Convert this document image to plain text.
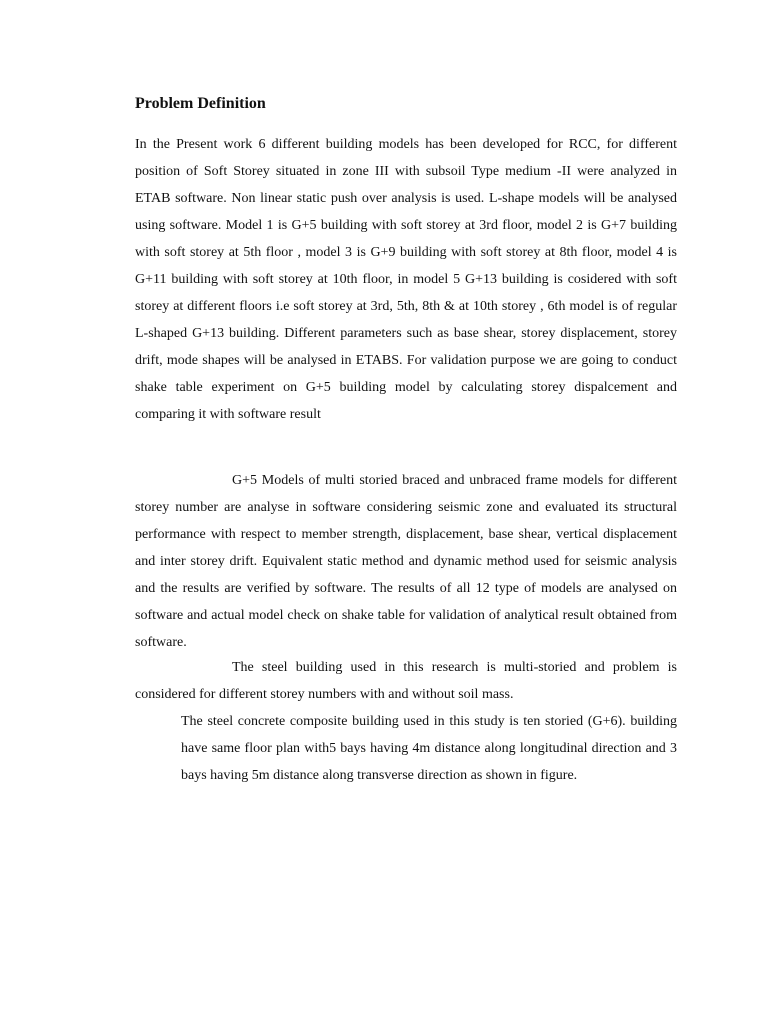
Problem Definition

In the Present work 6 different building models has been developed for RCC, for different position of Soft Storey situated in zone III with subsoil Type medium -II were analyzed in ETAB software. Non linear static push over analysis is used. L-shape models will be analysed using software. Model 1 is G+5 building with soft storey at 3rd floor, model 2 is G+7 building with soft storey at 5th floor , model 3 is G+9 building with soft storey at 8th floor, model 4 is G+11 building with soft storey at 10th floor, in model 5 G+13 building is cosidered with soft storey at different floors i.e soft storey at 3rd, 5th, 8th & at 10th storey , 6th model is of regular L-shaped G+13 building. Different parameters such as base shear, storey displacement, storey drift, mode shapes will be analysed in ETABS. For validation purpose we are going to conduct shake table experiment on G+5 building model by calculating storey dispalcement and comparing it with software result

G+5 Models of multi storied braced and unbraced frame models for different storey number are analyse in software considering seismic zone and evaluated its structural performance with respect to member strength, displacement, base shear, vertical displacement and inter storey drift. Equivalent static method and dynamic method used for seismic analysis and the results are verified by software. The results of all 12 type of models are analysed on software and actual model check on shake table for validation of analytical result obtained from software.

The steel building used in this research is multi-storied and problem is considered for different storey numbers with and without soil mass.

The steel concrete composite building used in this study is ten storied (G+6). building have same floor plan with5 bays having 4m distance along longitudinal direction and 3 bays having 5m distance along transverse direction as shown in figure.
